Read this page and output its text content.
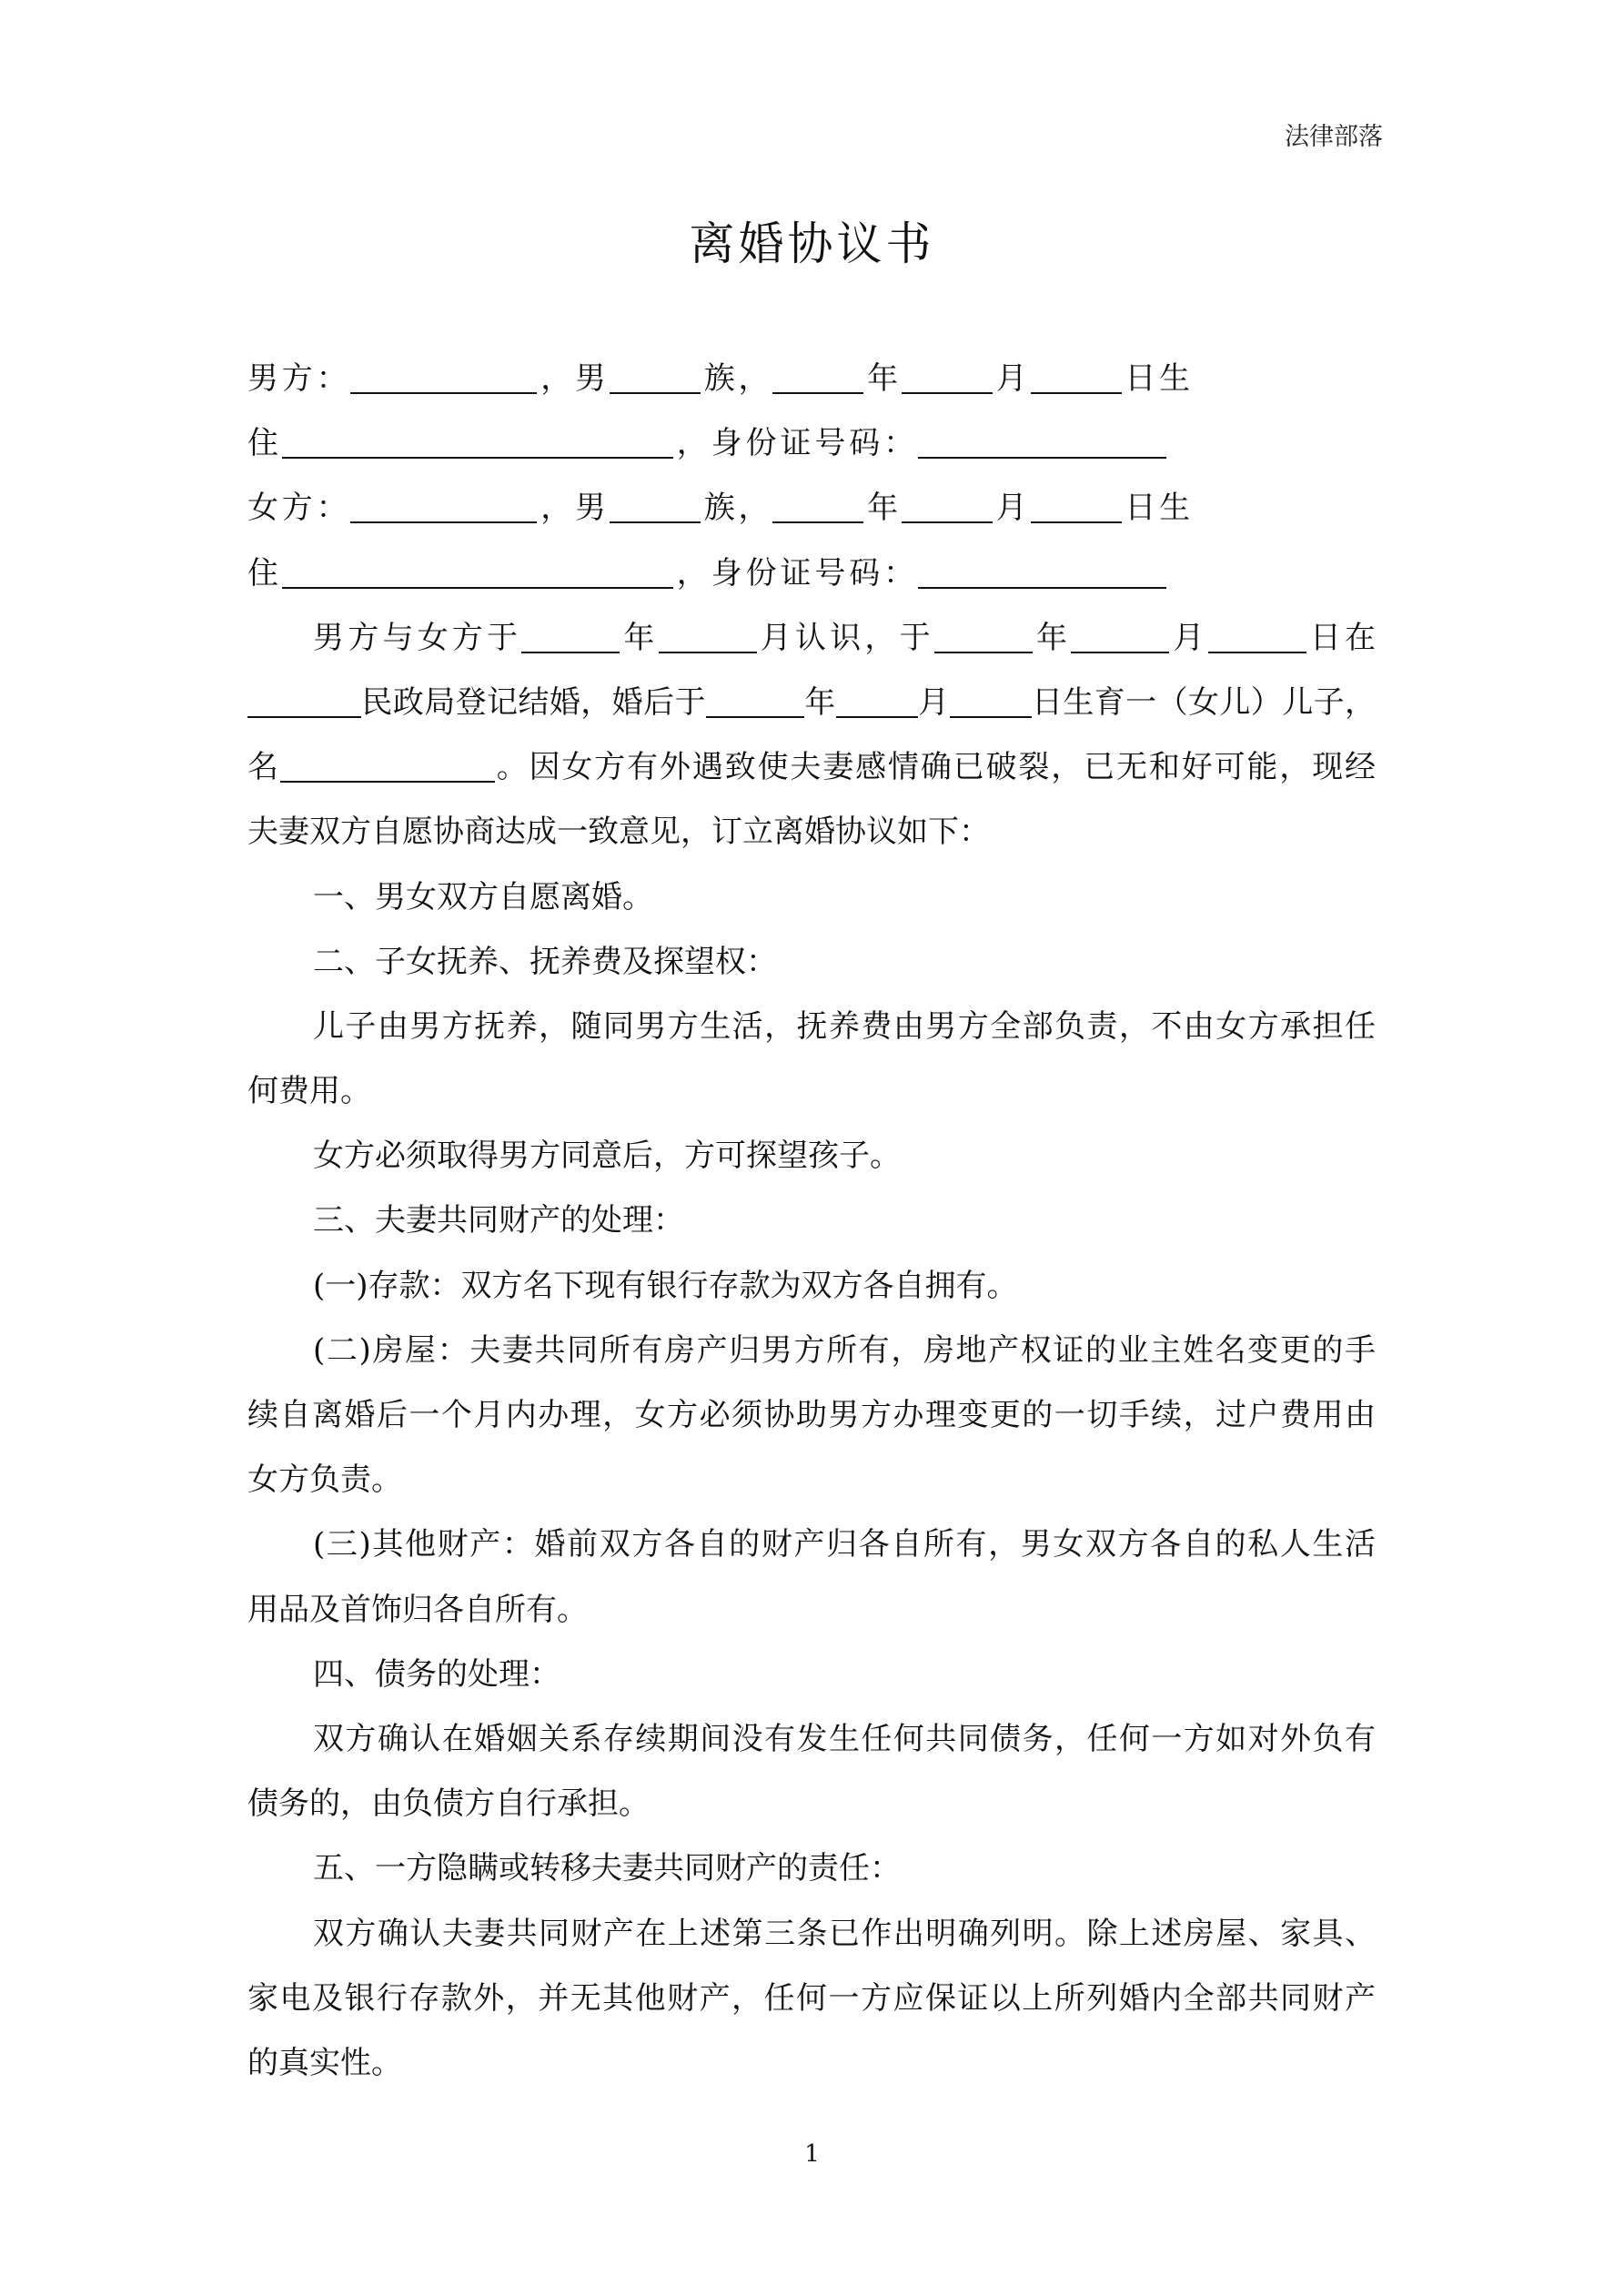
法律部落
离婚协议书
男方：	，男	族，	年	月	日生
住	，身份证号码：
女方：	，男	族，	年	月	日生
住	，身份证号码：
男方与女方于	年	月认识，于	年	月	日在
民政局登记结婚，婚后于	年	月	日生育一（女儿）儿子，
名	。因女方有外遇致使夫妻感情确已破裂，已无和好可能，现经
夫妻双方自愿协商达成一致意见，订立离婚协议如下：
一、男女双方自愿离婚。
二、子女抚养、抚养费及探望权：
儿子由男方抚养，随同男方生活，抚养费由男方全部负责，不由女方承担任
何费用。
女方必须取得男方同意后，方可探望孩子。
三、夫妻共同财产的处理：
(一)存款：双方名下现有银行存款为双方各自拥有。
(二)房屋：夫妻共同所有房产归男方所有，房地产权证的业主姓名变更的手
续自离婚后一个月内办理，女方必须协助男方办理变更的一切手续，过户费用由
女方负责。
(三)其他财产：婚前双方各自的财产归各自所有，男女双方各自的私人生活
用品及首饰归各自所有。
四、债务的处理：
双方确认在婚姻关系存续期间没有发生任何共同债务，任何一方如对外负有
债务的，由负债方自行承担。
五、一方隐瞒或转移夫妻共同财产的责任：
双方确认夫妻共同财产在上述第三条已作出明确列明。除上述房屋、家具、
家电及银行存款外，并无其他财产，任何一方应保证以上所列婚内全部共同财产
的真实性。
1
